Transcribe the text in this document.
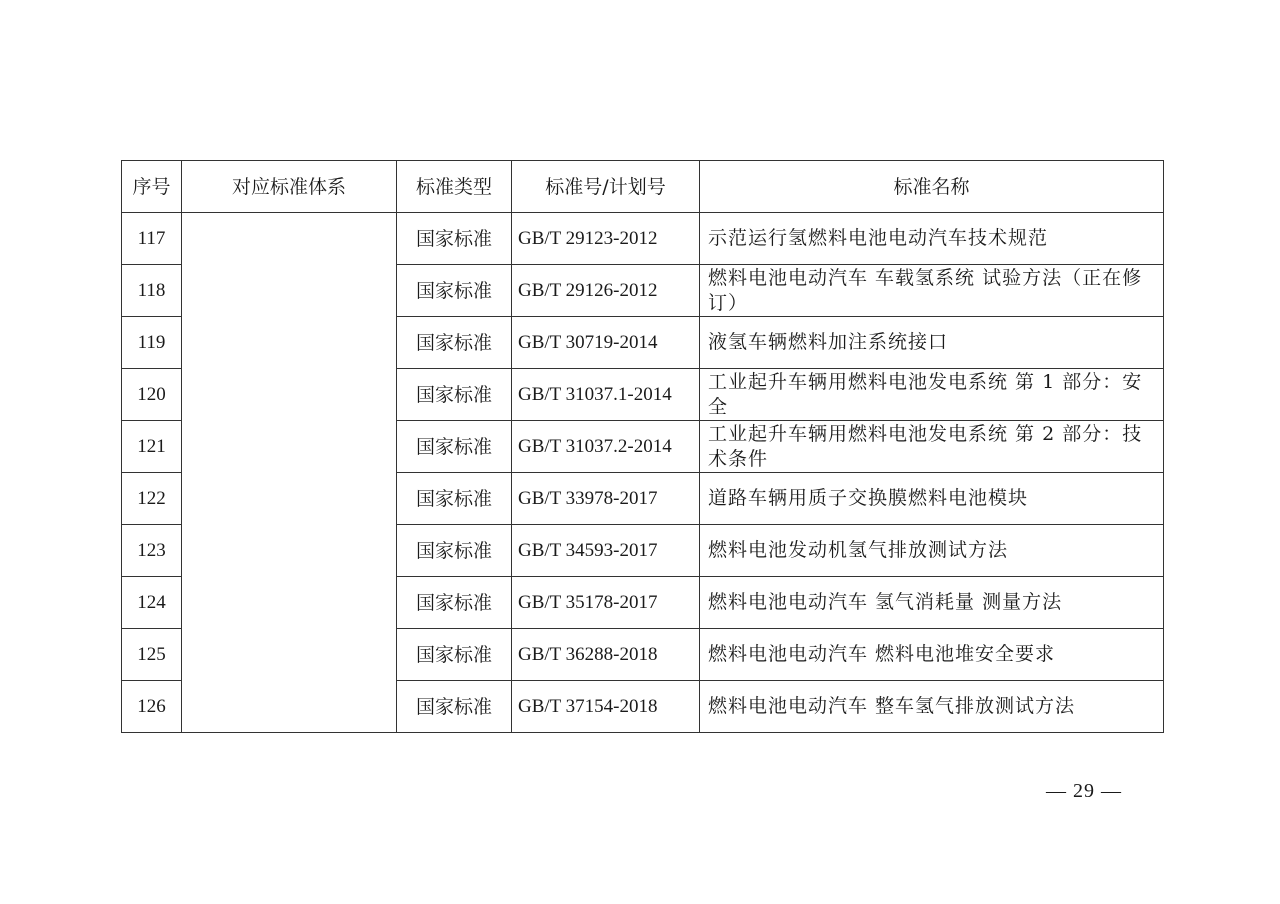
序号	对应标准体系	标准类型	标准号/计划号	标准名称
117		国家标准	GB/T 29123-2012	示范运行氢燃料电池电动汽车技术规范
118		国家标准	GB/T 29126-2012	燃料电池电动汽车 车载氢系统 试验方法（正在修订）
119		国家标准	GB/T 30719-2014	液氢车辆燃料加注系统接口
120		国家标准	GB/T 31037.1-2014	工业起升车辆用燃料电池发电系统 第 1 部分：安全
121		国家标准	GB/T 31037.2-2014	工业起升车辆用燃料电池发电系统 第 2 部分：技术条件
122		国家标准	GB/T 33978-2017	道路车辆用质子交换膜燃料电池模块
123		国家标准	GB/T 34593-2017	燃料电池发动机氢气排放测试方法
124		国家标准	GB/T 35178-2017	燃料电池电动汽车 氢气消耗量 测量方法
125		国家标准	GB/T 36288-2018	燃料电池电动汽车 燃料电池堆安全要求
126		国家标准	GB/T 37154-2018	燃料电池电动汽车 整车氢气排放测试方法
— 29 —
